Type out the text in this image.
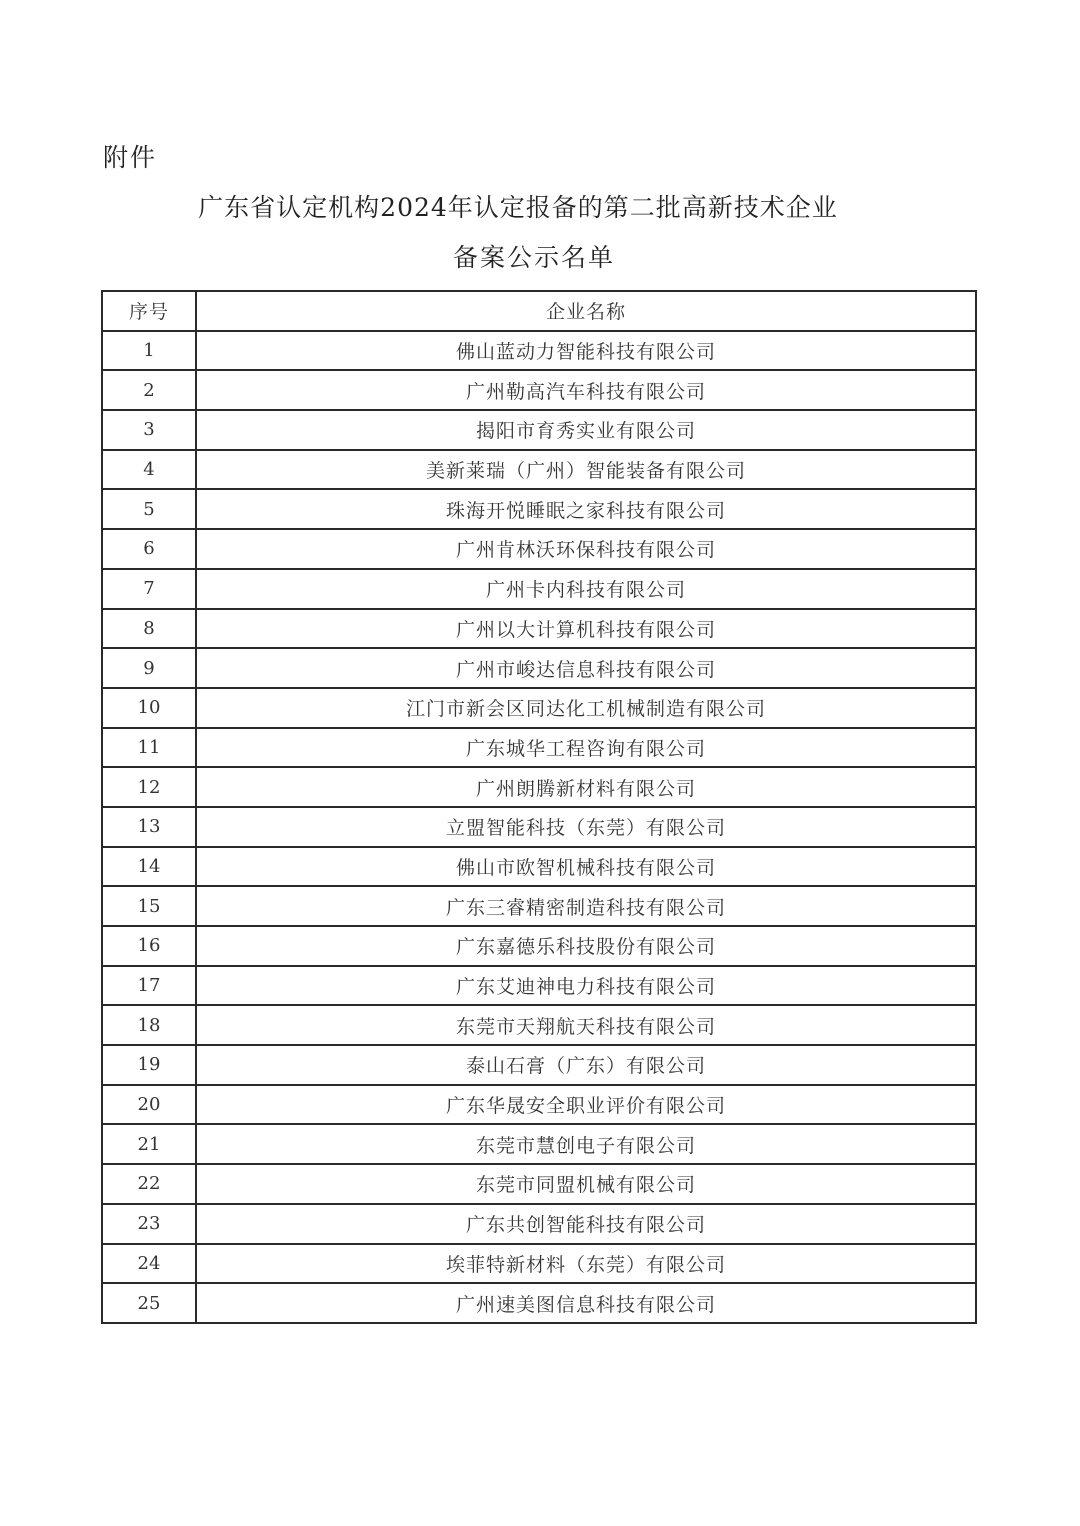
附件
广东省认定机构2024年认定报备的第二批高新技术企业
备案公示名单
序号	企业名称
1	佛山蓝动力智能科技有限公司
2	广州勒高汽车科技有限公司
3	揭阳市育秀实业有限公司
4	美新莱瑞（广州）智能装备有限公司
5	珠海开悦睡眠之家科技有限公司
6	广州肯林沃环保科技有限公司
7	广州卡内科技有限公司
8	广州以大计算机科技有限公司
9	广州市峻达信息科技有限公司
10	江门市新会区同达化工机械制造有限公司
11	广东城华工程咨询有限公司
12	广州朗腾新材料有限公司
13	立盟智能科技（东莞）有限公司
14	佛山市欧智机械科技有限公司
15	广东三睿精密制造科技有限公司
16	广东嘉德乐科技股份有限公司
17	广东艾迪神电力科技有限公司
18	东莞市天翔航天科技有限公司
19	泰山石膏（广东）有限公司
20	广东华晟安全职业评价有限公司
21	东莞市慧创电子有限公司
22	东莞市同盟机械有限公司
23	广东共创智能科技有限公司
24	埃菲特新材料（东莞）有限公司
25	广州速美图信息科技有限公司
